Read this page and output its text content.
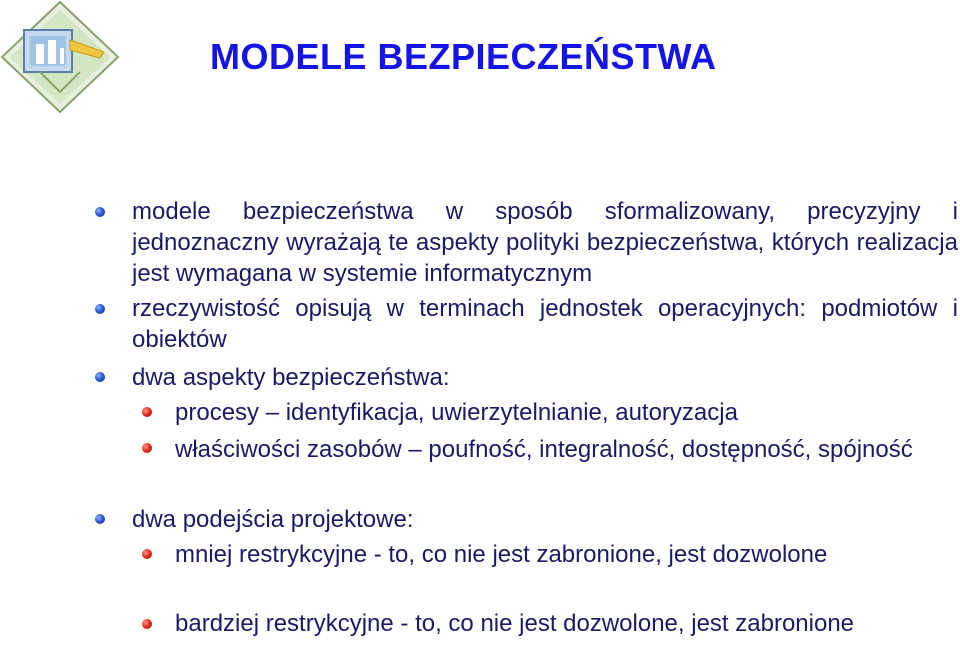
MODELE BEZPIECZEŃSTWA
modele bezpieczeństwa w sposób sformalizowany, precyzyjny i jednoznaczny wyrażają te aspekty polityki bezpieczeństwa, których realizacja jest wymagana w systemie informatycznym
rzeczywistość opisują w terminach jednostek operacyjnych: podmiotów i obiektów
dwa aspekty bezpieczeństwa:
procesy – identyfikacja, uwierzytelnianie, autoryzacja
właściwości zasobów – poufność, integralność, dostępność, spójność
dwa podejścia projektowe:
mniej restrykcyjne - to, co nie jest zabronione, jest dozwolone
bardziej restrykcyjne - to, co nie jest dozwolone, jest zabronione
